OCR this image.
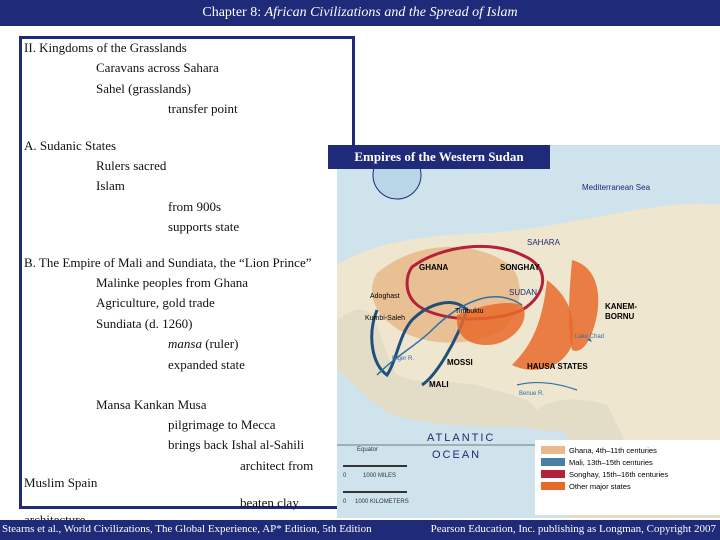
Chapter 8: African Civilizations and the Spread of Islam
II. Kingdoms of the Grasslands
Caravans across Sahara
Sahel (grasslands)
transfer point
A. Sudanic States
Rulers sacred
Islam
from 900s
supports state
B. The Empire of Mali and Sundiata, the “Lion Prince”
Malinke peoples from Ghana
Agriculture, gold trade
Sundiata (d. 1260)
mansa (ruler)
expanded state
Mansa Kankan Musa
pilgrimage to Mecca
brings back Ishal al-Sahili
architect from
Muslim Spain
beaten clay
Mediterranean Sea
SAHARA
SUDAN
GHANA	SONGHAY
KANEM-
BORNU
Adoghast
Kumbi-Saleh
Timbuktu
Lake Chad
Niger R.	MOSSI	HAUSA STATES
MALI
Benue R.
ATLANTIC
OCEAN
Equator
0	1000 MILES
0 1000 KILOMETERS
Ghana, 4th–11th centuries
Mali, 13th–15th centuries
Songhay, 15th–16th centuries
Other major states
Empires of the Western Sudan
Stearns et al., World Civilizations, The Global Experience, AP* Edition, 5th Edition	Pearson Education, Inc. publishing as Longman, Copyright 2007
